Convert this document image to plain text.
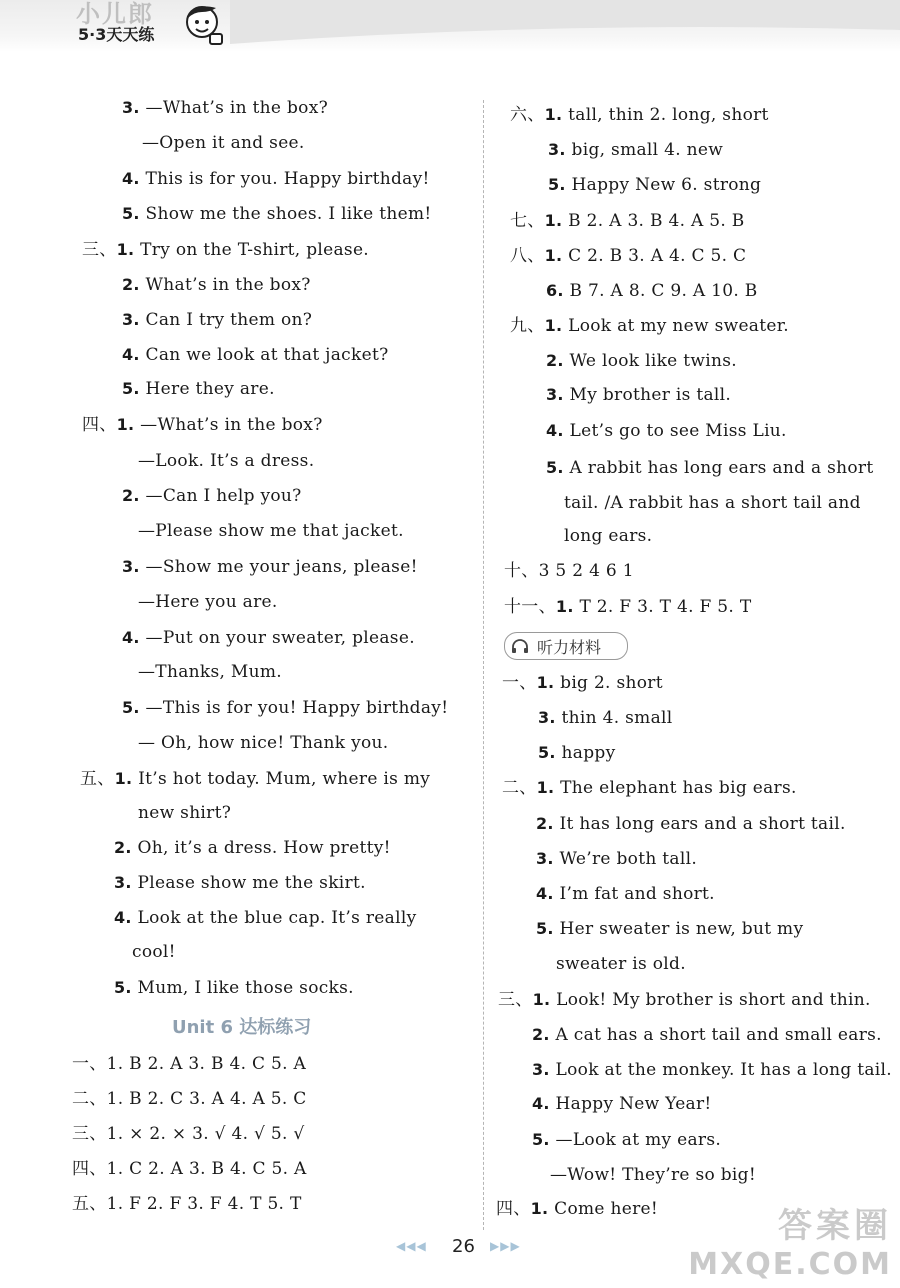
小儿郎
5·3天天练
3. —What’s in the box?
—Open it and see.
4. This is for you. Happy birthday!
5. Show me the shoes. I like them!
三、1. Try on the T-shirt, please.
2. What’s in the box?
3. Can I try them on?
4. Can we look at that jacket?
5. Here they are.
四、1. —What’s in the box?
—Look. It’s a dress.
2. —Can I help you?
—Please show me that jacket.
3. —Show me your jeans, please!
—Here you are.
4. —Put on your sweater, please.
—Thanks, Mum.
5. —This is for you! Happy birthday!
— Oh, how nice! Thank you.
五、1. It’s hot today. Mum, where is my
new shirt?
2. Oh, it’s a dress. How pretty!
3. Please show me the skirt.
4. Look at the blue cap. It’s really
cool!
5. Mum, I like those socks.
Unit 6 达标练习
一、1. B 2. A 3. B 4. C 5. A
二、1. B 2. C 3. A 4. A 5. C
三、1. × 2. × 3. √ 4. √ 5. √
四、1. C 2. A 3. B 4. C 5. A
五、1. F 2. F 3. F 4. T 5. T
六、1. tall, thin 2. long, short
3. big, small 4. new
5. Happy New 6. strong
七、1. B 2. A 3. B 4. A 5. B
八、1. C 2. B 3. A 4. C 5. C
6. B 7. A 8. C 9. A 10. B
九、1. Look at my new sweater.
2. We look like twins.
3. My brother is tall.
4. Let’s go to see Miss Liu.
5. A rabbit has long ears and a short
tail. /A rabbit has a short tail and
long ears.
十、3 5 2 4 6 1
十一、1. T 2. F 3. T 4. F 5. T
听力材料
一、1. big 2. short
3. thin 4. small
5. happy
二、1. The elephant has big ears.
2. It has long ears and a short tail.
3. We’re both tall.
4. I’m fat and short.
5. Her sweater is new, but my
sweater is old.
三、1. Look! My brother is short and thin.
2. A cat has a short tail and small ears.
3. Look at the monkey. It has a long tail.
4. Happy New Year!
5. —Look at my ears.
—Wow! They’re so big!
四、1. Come here!
◀◀◀ 26 ▶▶▶	答案圈
MXQE.COM
